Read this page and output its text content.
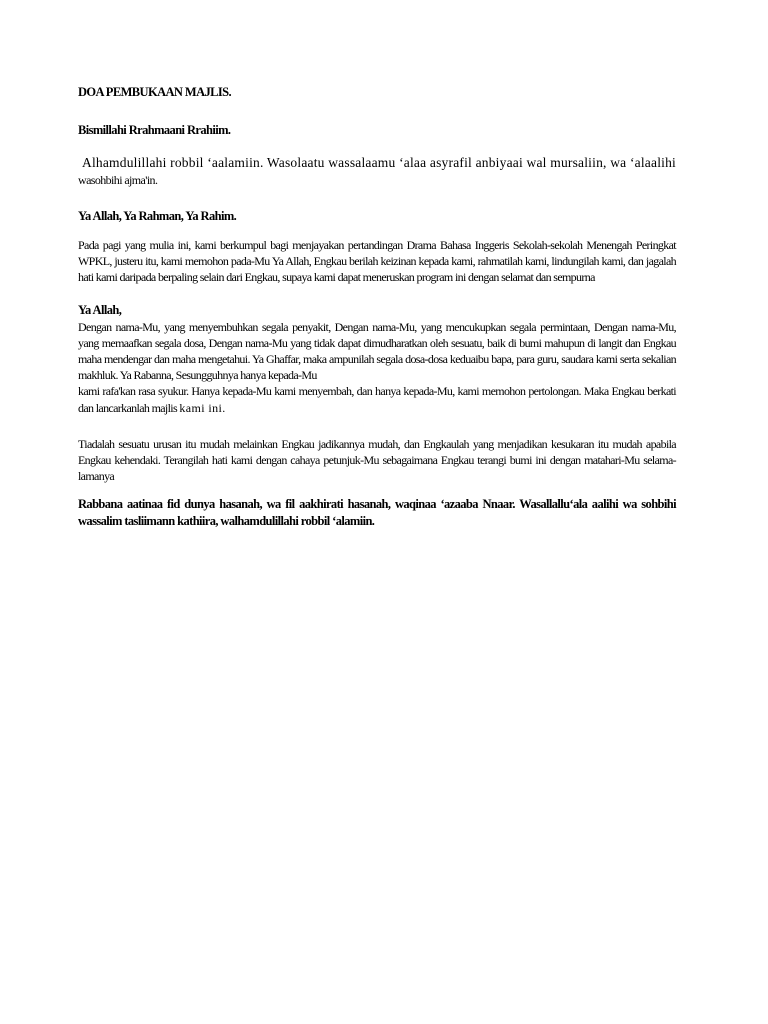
DOA PEMBUKAAN MAJLIS.

Bismillahi Rrahmaani Rrahiim.

Alhamdulillahi robbil ‘aalamiin. Wasolaatu wassalaamu ‘alaa asyrafil anbiyaai wal mursaliin, wa ‘alaalihi wasohbihi ajma'in.

Ya Allah, Ya Rahman, Ya Rahim.

Pada pagi yang mulia ini, kami berkumpul bagi menjayakan pertandingan Drama Bahasa Inggeris Sekolah-sekolah Menengah Peringkat WPKL, justeru itu, kami memohon pada-Mu Ya Allah, Engkau berilah keizinan kepada kami, rahmatilah kami, lindungilah kami, dan jagalah hati kami daripada berpaling selain dari Engkau, supaya kami dapat meneruskan program ini dengan selamat dan sempurna

Ya Allah,

Dengan nama-Mu, yang menyembuhkan segala penyakit, Dengan nama-Mu, yang mencukupkan segala permintaan, Dengan nama-Mu, yang memaafkan segala dosa, Dengan nama-Mu yang tidak dapat dimudharatkan oleh sesuatu, baik di bumi mahupun di langit dan Engkau maha mendengar dan maha mengetahui. Ya Ghaffar, maka ampunilah segala dosa-dosa keduaibu bapa, para guru, saudara kami serta sekalian makhluk. Ya Rabanna, Sesungguhnya hanya kepada-Mu
kami rafa'kan rasa syukur. Hanya kepada-Mu kami menyembah, dan hanya kepada-Mu, kami memohon pertolongan. Maka Engkau berkati dan lancarkanlah majlis kami ini.

Tiadalah sesuatu urusan itu mudah melainkan Engkau jadikannya mudah, dan Engkaulah yang menjadikan kesukaran itu mudah apabila Engkau kehendaki. Terangilah hati kami dengan cahaya petunjuk-Mu sebagaimana Engkau terangi bumi ini dengan matahari-Mu selama-lamanya

Rabbana aatinaa fid dunya hasanah, wa fil aakhirati hasanah, waqinaa ‘azaaba Nnaar. Wasallallu‘ala aalihi wa sohbihi wassalim tasliimann kathiira, walhamdulillahi robbil ‘alamiin.
